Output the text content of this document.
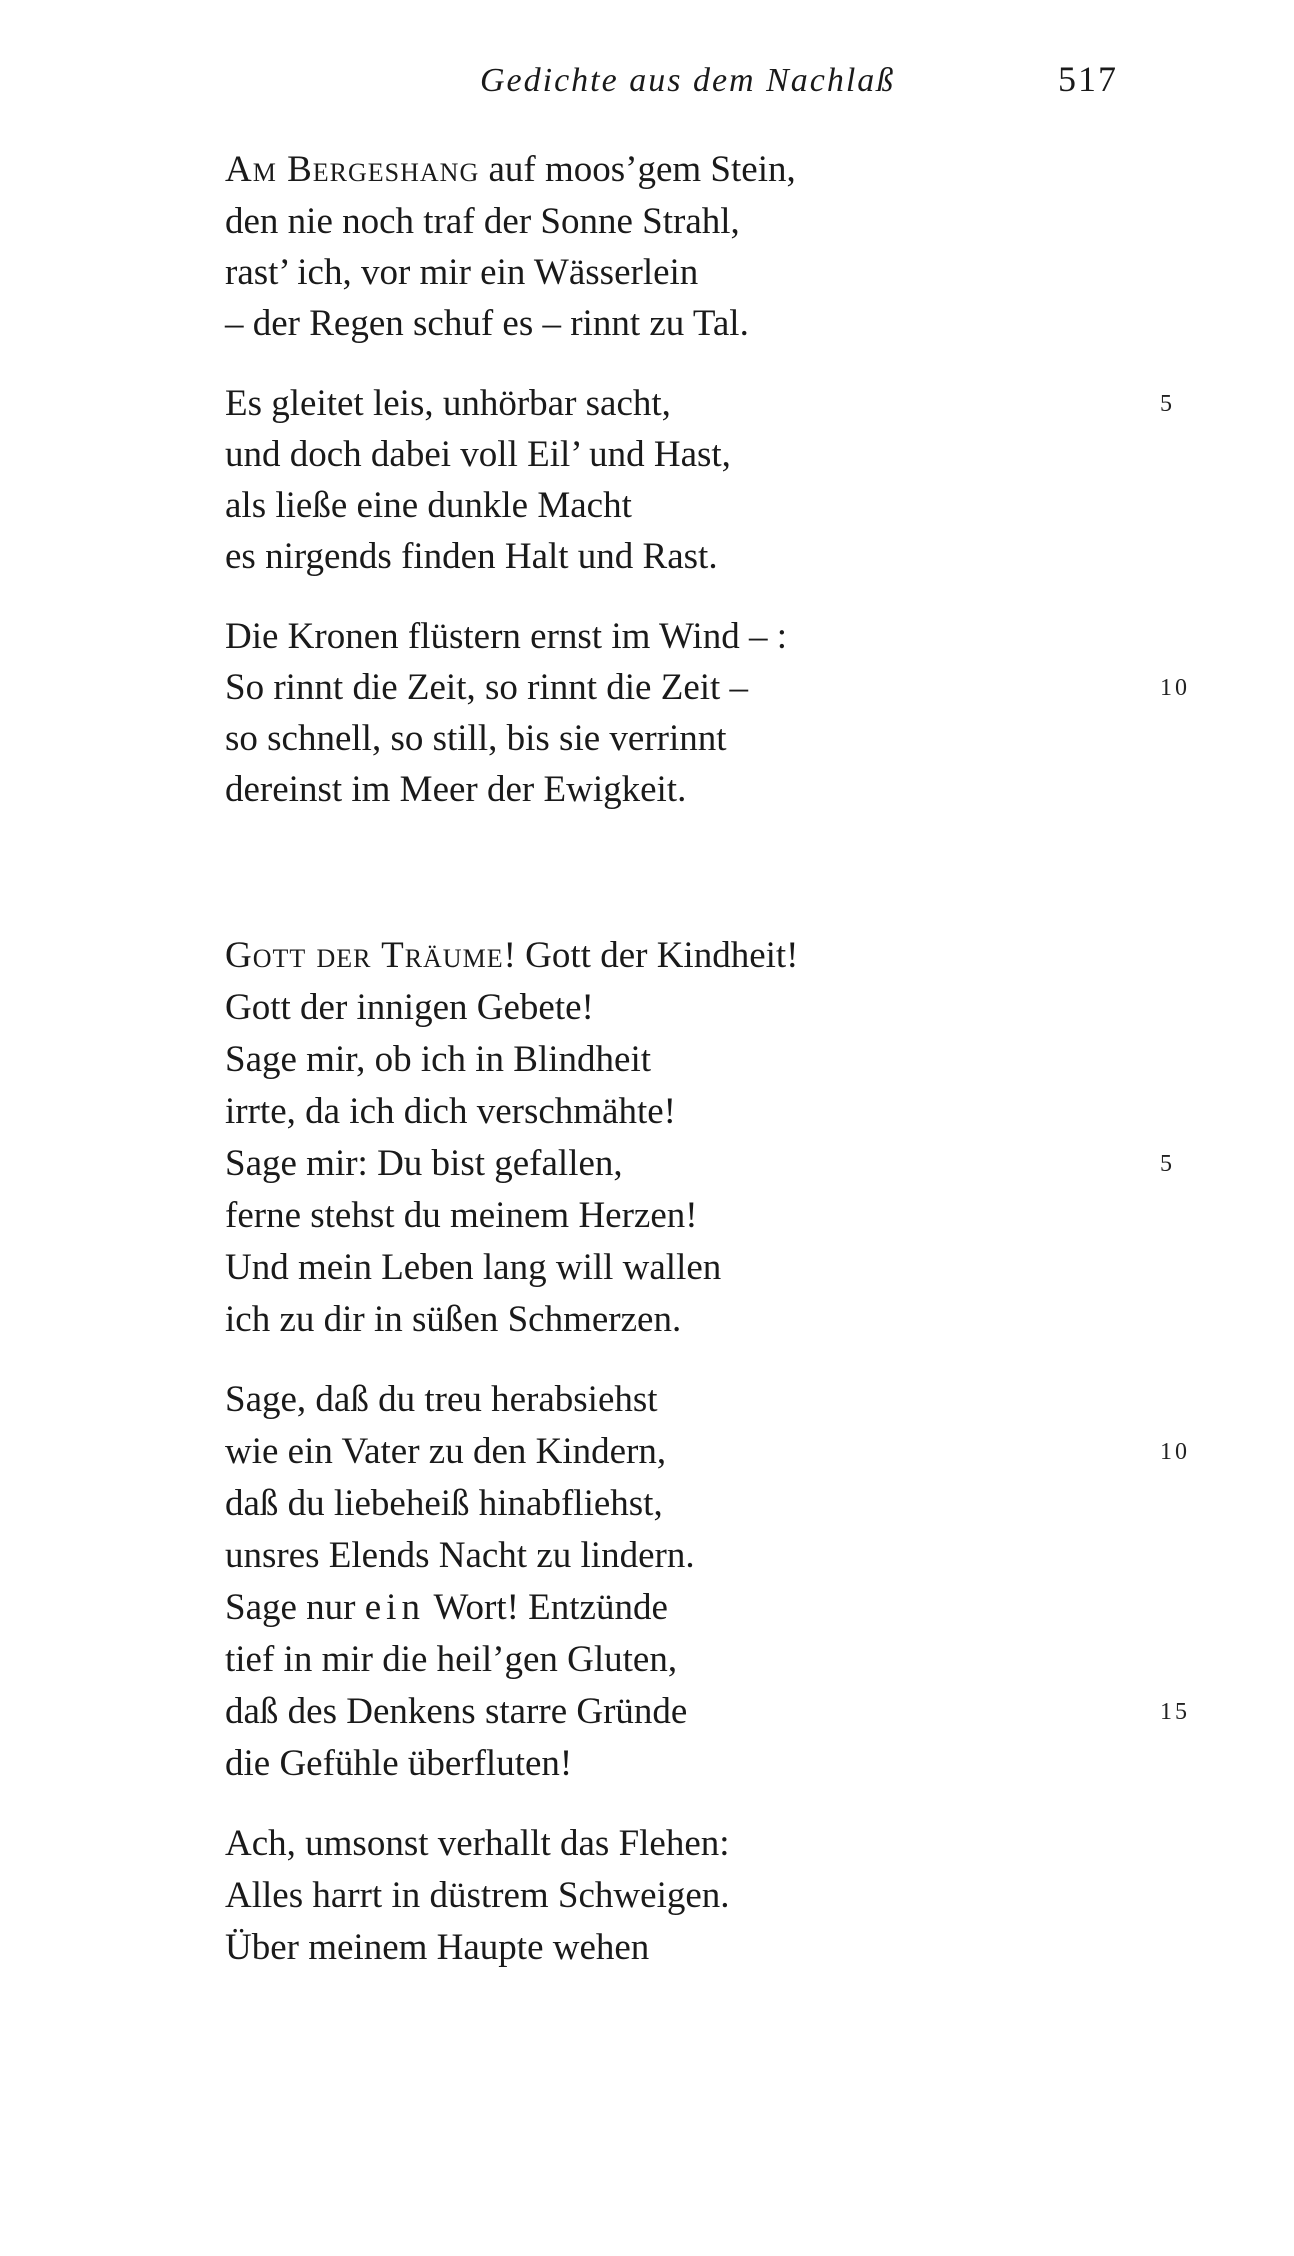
Gedichte aus dem Nachlaß	517
Am Bergeshang auf moos’gem Stein,
den nie noch traf der Sonne Strahl,
rast’ ich, vor mir ein Wässerlein
– der Regen schuf es – rinnt zu Tal.
Es gleitet leis, unhörbar sacht,	5
und doch dabei voll Eil’ und Hast,
als ließe eine dunkle Macht
es nirgends finden Halt und Rast.
Die Kronen flüstern ernst im Wind – :
So rinnt die Zeit, so rinnt die Zeit –	10
so schnell, so still, bis sie verrinnt
dereinst im Meer der Ewigkeit.
Gott der Träume! Gott der Kindheit!
Gott der innigen Gebete!
Sage mir, ob ich in Blindheit
irrte, da ich dich verschmähte!
Sage mir: Du bist gefallen,	5
ferne stehst du meinem Herzen!
Und mein Leben lang will wallen
ich zu dir in süßen Schmerzen.
Sage, daß du treu herabsiehst
wie ein Vater zu den Kindern,	10
daß du liebeheiß hinabfliehst,
unsres Elends Nacht zu lindern.
Sage nur ein Wort! Entzünde
tief in mir die heil’gen Gluten,
daß des Denkens starre Gründe	15
die Gefühle überfluten!
Ach, umsonst verhallt das Flehen:
Alles harrt in düstrem Schweigen.
Über meinem Haupte wehen
